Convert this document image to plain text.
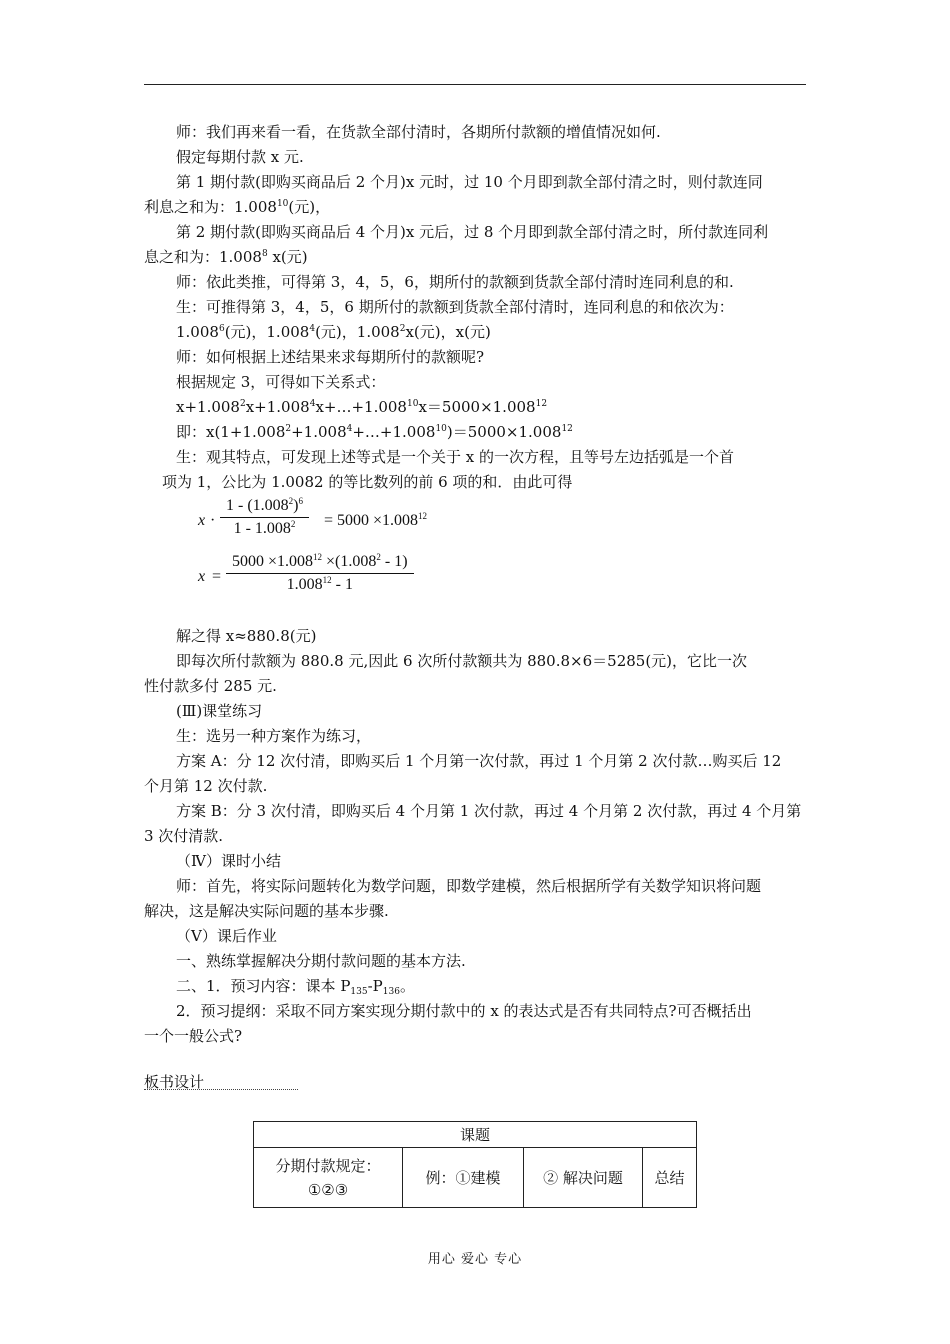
师：我们再来看一看，在货款全部付清时，各期所付款额的增值情况如何.

假定每期付款 x 元.

第 1 期付款(即购买商品后 2 个月)x 元时，过 10 个月即到款全部付清之时，则付款连同

利息之和为：1.008$^{10}$(元)，

第 2 期付款(即购买商品后 4 个月)x 元后，过 8 个月即到款全部付清之时，所付款连同利

息之和为：1.008$^8$ x(元)

师：依此类推，可得第 3，4，5，6，期所付的款额到货款全部付清时连同利息的和.

生：可推得第 3，4，5，6 期所付的款额到货款全部付清时，连同利息的和依次为：

1.008$^6$(元)，1.008$^4$(元)，1.008$^2$x(元)，x(元)

师：如何根据上述结果来求每期所付的款额呢?

根据规定 3，可得如下关系式：

$x+1.008^2x+1.008^4x+\dots+1.008^{10}x=5000\times 1.008^{12}$

即：$x(1+1.008^2+1.008^4+\dots+1.008^{10})=5000\times 1.008^{12}$

生：观其特点，可发现上述等式是一个关于 x 的一次方程，且等号左边括弧是一个首

项为 1，公比为 1.0082 的等比数列的前 6 项的和．由此可得

$x \cdot \frac{1 - (1.008^2)^6}{1 - 1.008^2} = 5000 \times 1.008^{12}$
$x = \frac{5000 \times 1.008^{12} \times(1.008^2 - 1)}{1.008^{12} - 1}$

解之得 x≈880.8(元)

即每次所付款额为 880.8 元,因此 6 次所付款额共为 880.8×6＝5285(元)，它比一次

性付款多付 285 元.

(Ⅲ)课堂练习

生：选另一种方案作为练习，

方案 A：分 12 次付清，即购买后 1 个月第一次付款，再过 1 个月第 2 次付款…购买后 12

个月第 12 次付款.

方案 B：分 3 次付清，即购买后 4 个月第 1 次付款，再过 4 个月第 2 次付款，再过 4 个月第

3 次付清款.

（Ⅳ）课时小结

师：首先，将实际问题转化为数学问题，即数学建模，然后根据所学有关数学知识将问题

解决，这是解决实际问题的基本步骤.

（Ⅴ）课后作业

一、熟练掌握解决分期付款问题的基本方法.

二、1．预习内容：课本 $P_{135}-P_{136}$。

2．预习提纲：采取不同方案实现分期付款中的 x 的表达式是否有共同特点?可否概括出

一个一般公式?

板书设计
课题

分期付款规定：
①②③
	例：①建模	② 解决问题	总结
用心 爱心 专心
